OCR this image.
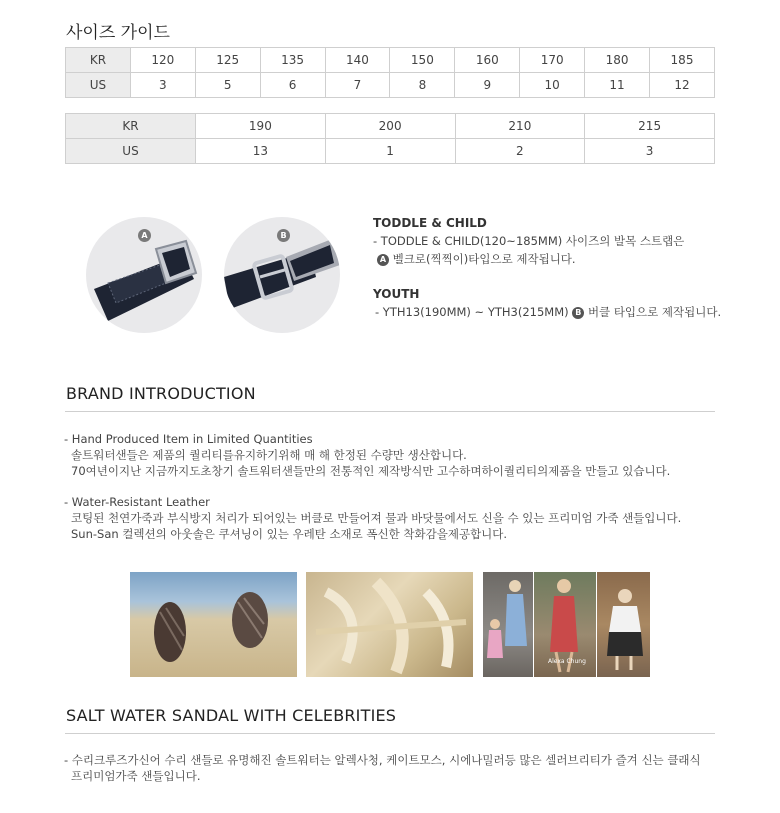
사이즈 가이드
KR	120	125	135	140	150	160	170	180	185
US	3	5	6	7	8	9	10	11	12
KR	190	200	210	215
US	13	1	2	3
A	B
TODDLE & CHILD
- TODDLE & CHILD(120~185MM) 사이즈의 발목 스트랩은
A 벨크로(찍찍이)타입으로 제작됩니다.
YOUTH
- YTH13(190MM) ~ YTH3(215MM) B 버클 타입으로 제작됩니다.
BRAND INTRODUCTION
- Hand Produced Item in Limited Quantities
솔트워터샌들은 제품의 퀄리티를유지하기위해 매 해 한정된 수량만 생산합니다.
70여년이지난 지금까지도초창기 솔트워터샌들만의 전통적인 제작방식만 고수하며하이퀄리티의제품을 만들고 있습니다.
- Water-Resistant Leather
코팅된 천연가죽과 부식방지 처리가 되어있는 버클로 만들어져 물과 바닷물에서도 신을 수 있는 프리미엄 가죽 샌들입니다.
Sun-San 컬렉션의 아웃솔은 쿠셔닝이 있는 우레탄 소재로 폭신한 착화감을제공합니다.
Alexa Chung
SALT WATER SANDAL WITH CELEBRITIES
- 수리크루즈가신어 수리 샌들로 유명해진 솔트워터는 알렉사청, 케이트모스, 시에나밀러등 많은 셀러브리티가 즐겨 신는 클래식
프리미엄가죽 샌들입니다.
